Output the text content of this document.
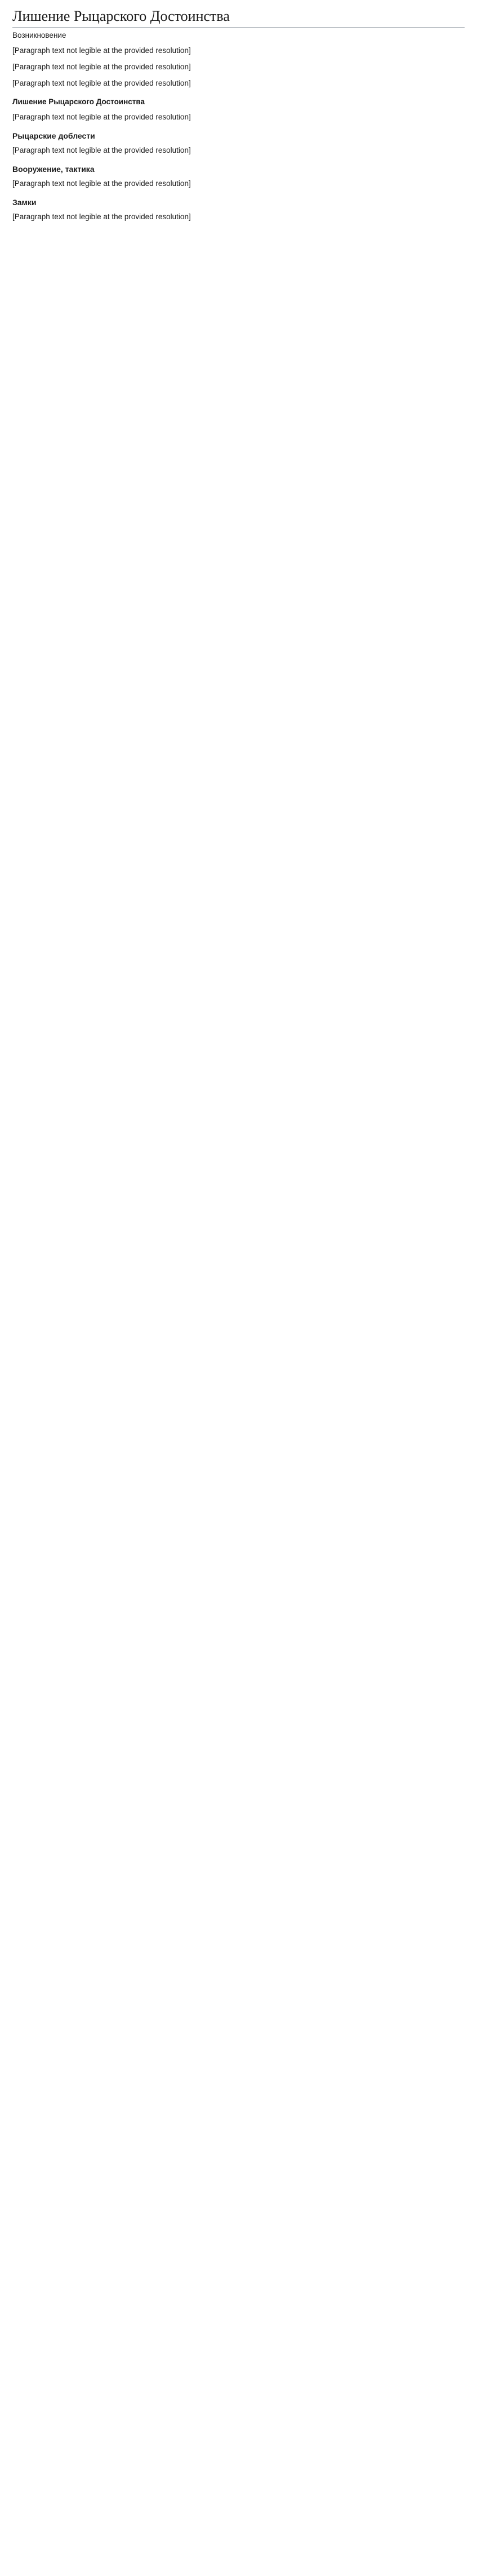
Лишение Рыцарского Достоинства
Возникновение

[Paragraph text not legible at the provided resolution]

[Paragraph text not legible at the provided resolution]

[Paragraph text not legible at the provided resolution]

Лишение Рыцарского Достоинства

[Paragraph text not legible at the provided resolution]

Рыцарские доблести

[Paragraph text not legible at the provided resolution]

Вооружение, тактика

[Paragraph text not legible at the provided resolution]

Замки

[Paragraph text not legible at the provided resolution]
